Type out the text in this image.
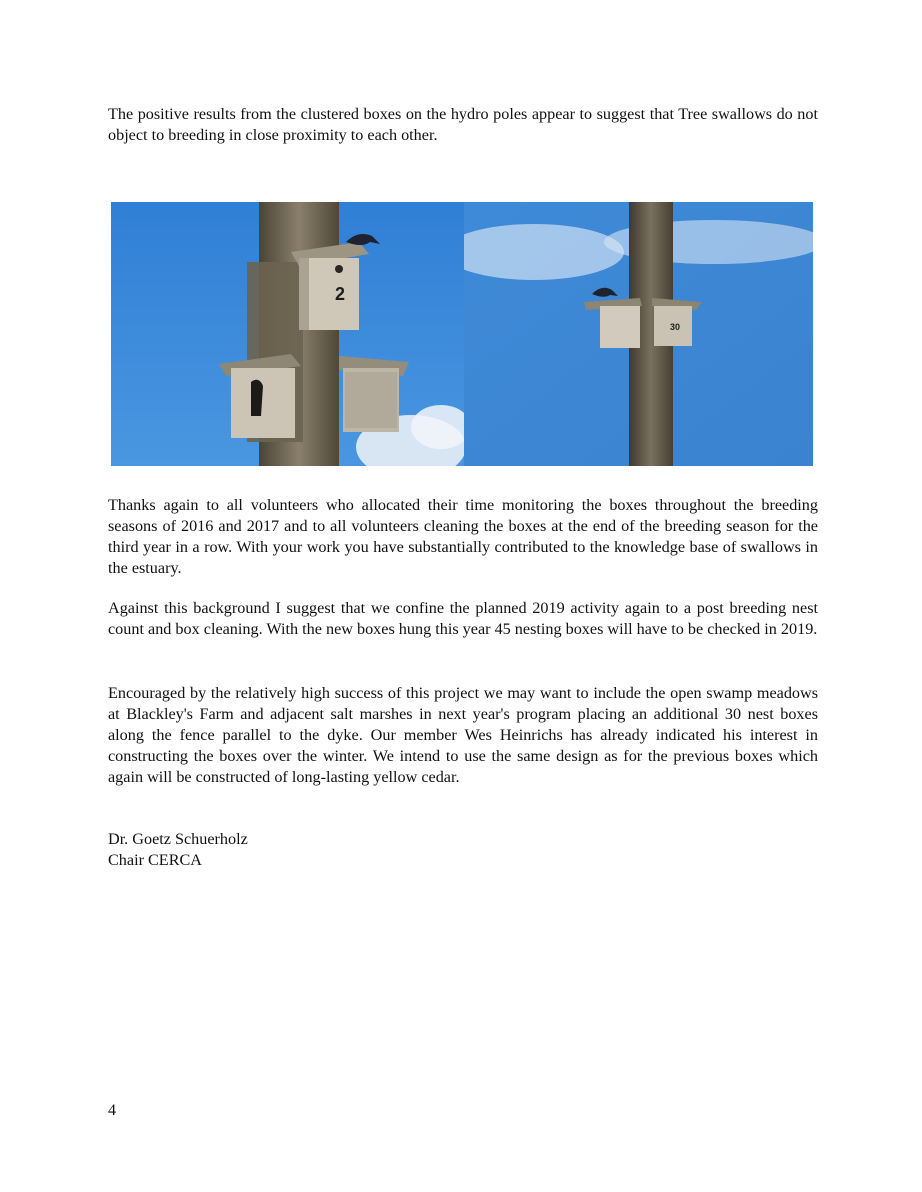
The positive results from the clustered boxes on the hydro poles appear to suggest that Tree swallows do not object to breeding in close proximity to each other.

2
30

Thanks again to all volunteers who allocated their time monitoring the boxes throughout the breeding seasons of 2016 and 2017 and to all volunteers cleaning the boxes at the end of the breeding season for the third year in a row. With your work you have substantially contributed to the knowledge base of swallows in the estuary.

Against this background I suggest that we confine the planned 2019 activity again to a post breeding nest count and box cleaning. With the new boxes hung this year 45 nesting boxes will have to be checked in 2019.

Encouraged by the relatively high success of this project we may want to include the open swamp meadows at Blackley's Farm and adjacent salt marshes in next year's program placing an additional 30 nest boxes along the fence parallel to the dyke. Our member Wes Heinrichs has already indicated his interest in constructing the boxes over the winter. We intend to use the same design as for the previous boxes which again will be constructed of long-lasting yellow cedar.

Dr. Goetz Schuerholz

Chair CERCA

4
